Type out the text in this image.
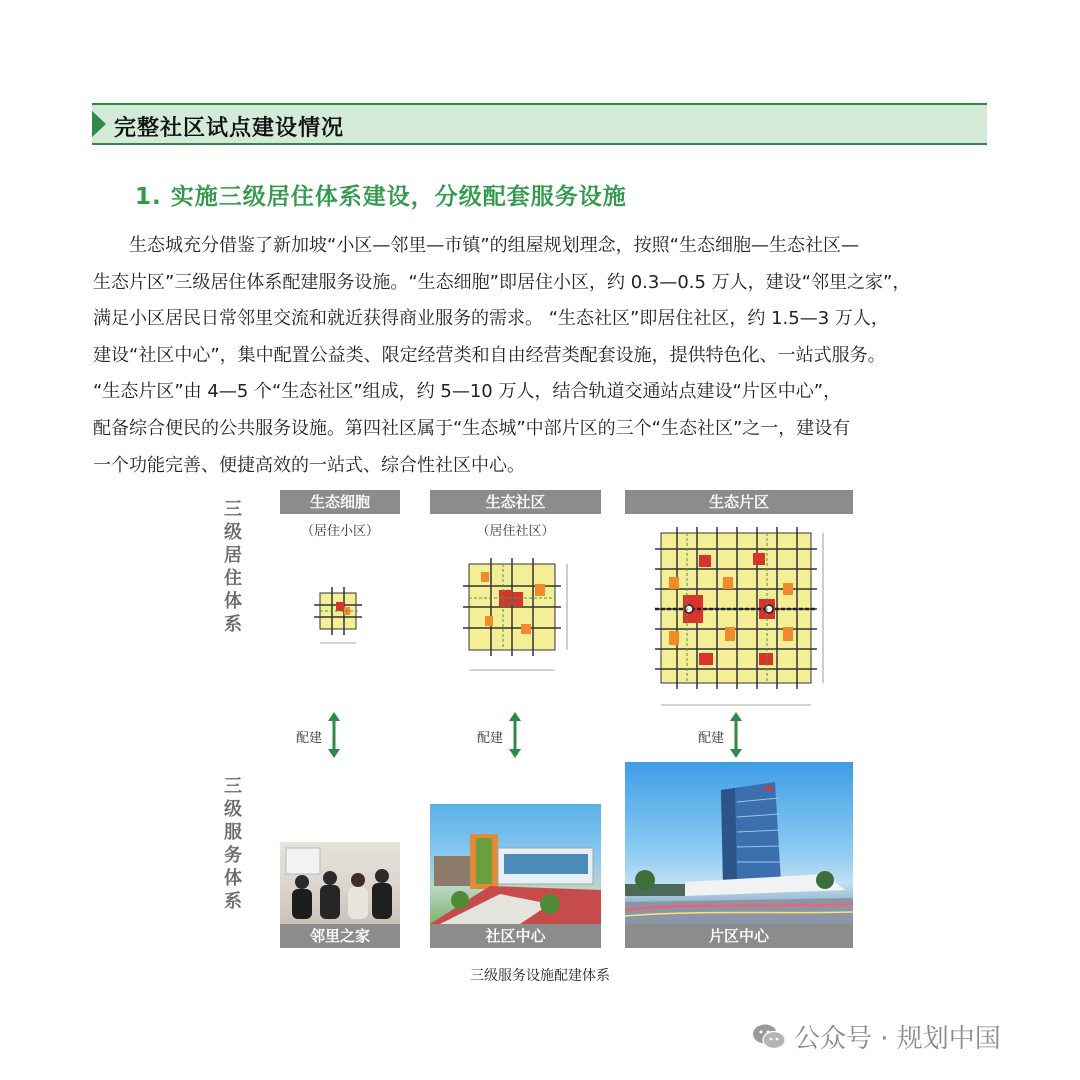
完整社区试点建设情况
1. 实施三级居住体系建设，分级配套服务设施
　　生态城充分借鉴了新加坡“小区—邻里—市镇”的组屋规划理念，按照“生态细胞—生态社区—
生态片区”三级居住体系配建服务设施。“生态细胞”即居住小区，约 0.3—0.5 万人，建设“邻里之家”，
满足小区居民日常邻里交流和就近获得商业服务的需求。 “生态社区”即居住社区，约 1.5—3 万人，
建设“社区中心”，集中配置公益类、限定经营类和自由经营类配套设施，提供特色化、一站式服务。
“生态片区”由 4—5 个“生态社区”组成，约 5—10 万人，结合轨道交通站点建设“片区中心”，
配备综合便民的公共服务设施。第四社区属于“生态城”中部片区的三个“生态社区”之一，建设有
一个功能完善、便捷高效的一站式、综合性社区中心。
三
级
居
住
体
系
三
级
服
务
体
系
生态细胞	生态社区	生态片区
（居住小区）	（居住社区）
配建	配建	配建
邻里之家	社区中心	片区中心
三级服务设施配建体系
公众号 · 规划中国
